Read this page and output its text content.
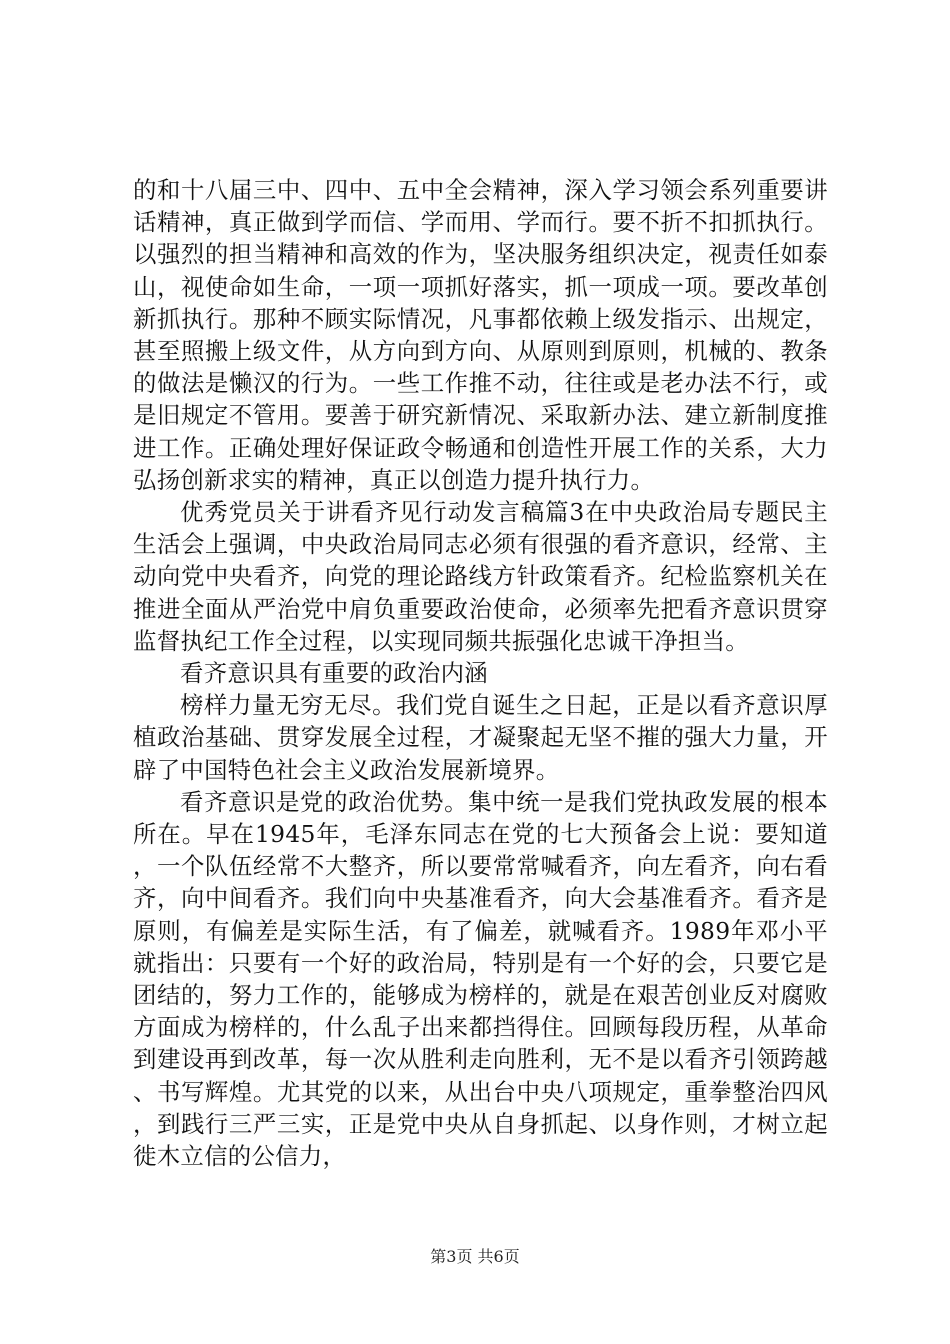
的和十八届三中、四中、五中全会精神，深入学习领会系列重要讲话精神，真正做到学而信、学而用、学而行。要不折不扣抓执行。以强烈的担当精神和高效的作为，坚决服务组织决定，视责任如泰山，视使命如生命，一项一项抓好落实，抓一项成一项。要改革创新抓执行。那种不顾实际情况，凡事都依赖上级发指示、出规定，甚至照搬上级文件，从方向到方向、从原则到原则，机械的、教条的做法是懒汉的行为。一些工作推不动，往往或是老办法不行，或是旧规定不管用。要善于研究新情况、采取新办法、建立新制度推进工作。正确处理好保证政令畅通和创造性开展工作的关系，大力弘扬创新求实的精神，真正以创造力提升执行力。

优秀党员关于讲看齐见行动发言稿篇3在中央政治局专题民主生活会上强调，中央政治局同志必须有很强的看齐意识，经常、主动向党中央看齐，向党的理论路线方针政策看齐。纪检监察机关在推进全面从严治党中肩负重要政治使命，必须率先把看齐意识贯穿监督执纪工作全过程，以实现同频共振强化忠诚干净担当。

看齐意识具有重要的政治内涵

榜样力量无穷无尽。我们党自诞生之日起，正是以看齐意识厚植政治基础、贯穿发展全过程，才凝聚起无坚不摧的强大力量，开辟了中国特色社会主义政治发展新境界。

看齐意识是党的政治优势。集中统一是我们党执政发展的根本所在。早在1945年，毛泽东同志在党的七大预备会上说：要知道，一个队伍经常不大整齐，所以要常常喊看齐，向左看齐，向右看齐，向中间看齐。我们向中央基准看齐，向大会基准看齐。看齐是原则，有偏差是实际生活，有了偏差，就喊看齐。1989年邓小平就指出：只要有一个好的政治局，特别是有一个好的会，只要它是团结的，努力工作的，能够成为榜样的，就是在艰苦创业反对腐败方面成为榜样的，什么乱子出来都挡得住。回顾每段历程，从革命到建设再到改革，每一次从胜利走向胜利，无不是以看齐引领跨越、书写辉煌。尤其党的以来，从出台中央八项规定，重拳整治四风，到践行三严三实，正是党中央从自身抓起、以身作则，才树立起徙木立信的公信力，

第3页 共6页
